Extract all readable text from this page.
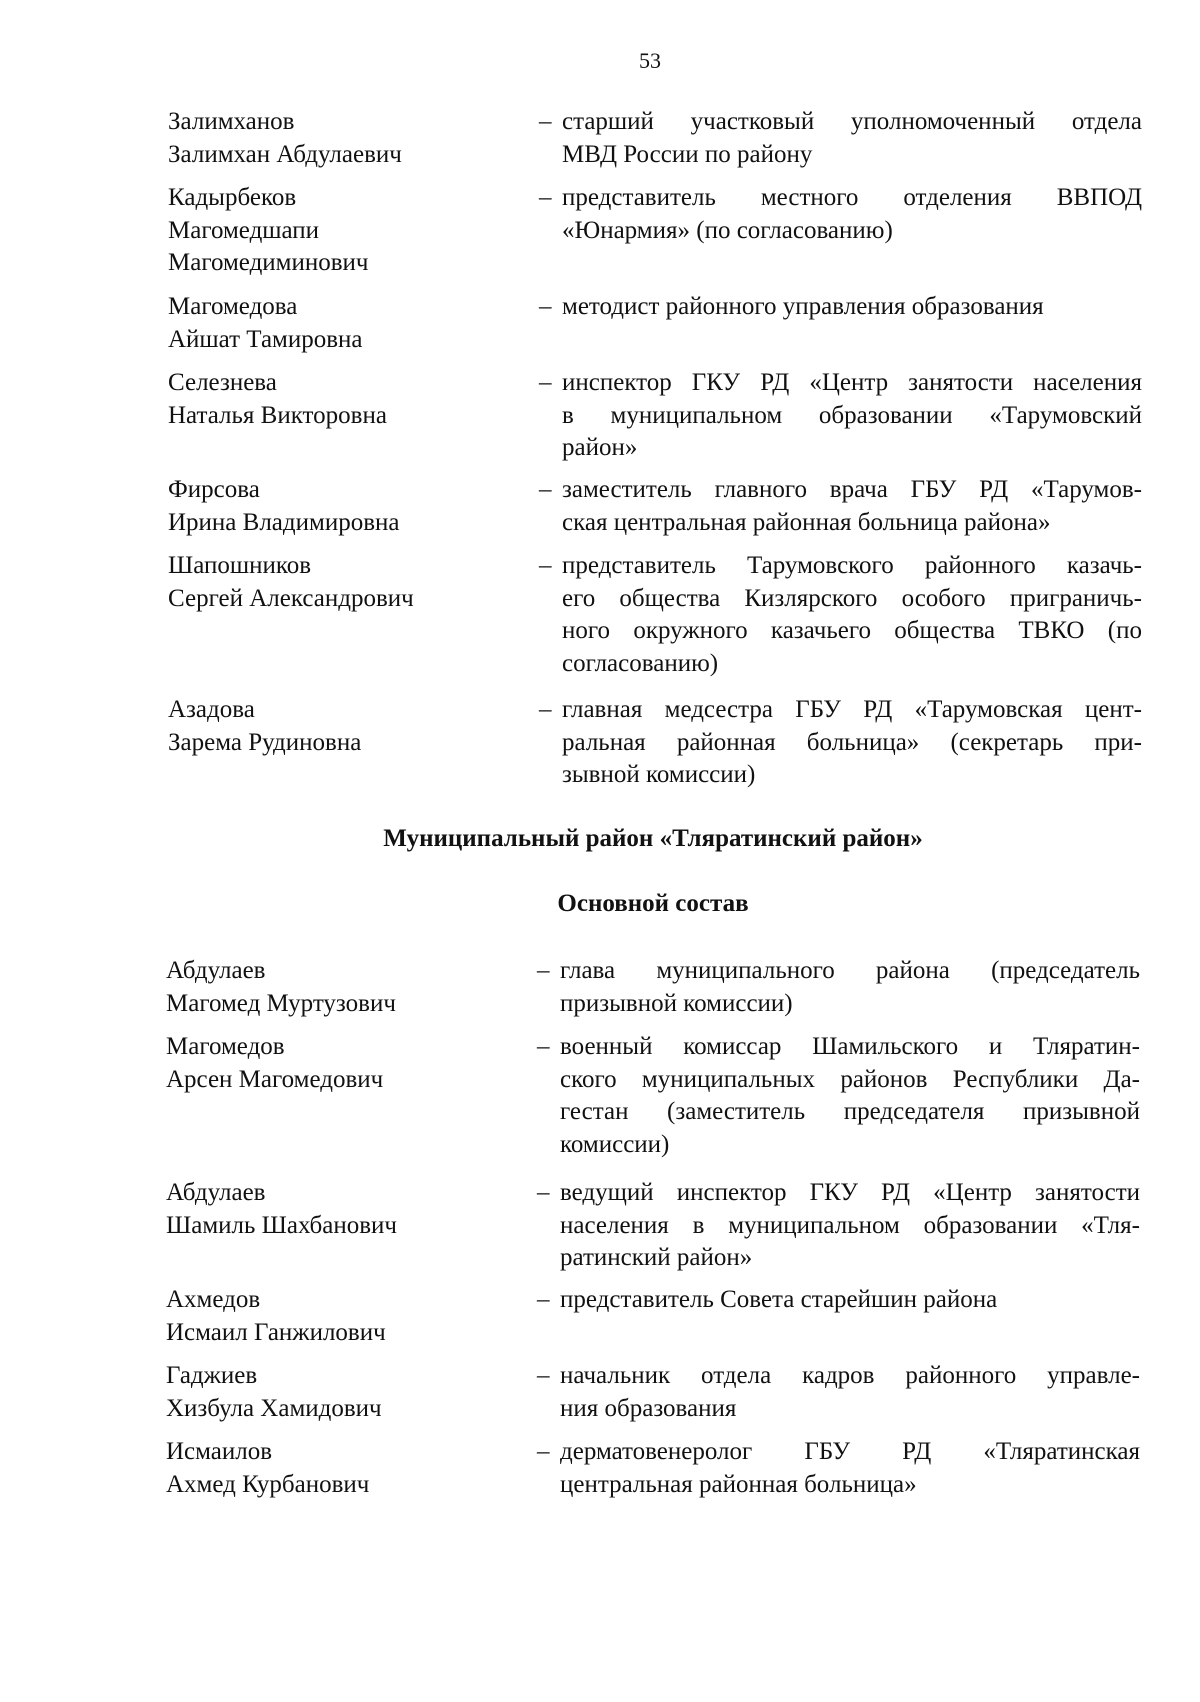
53
Залимханов
Залимхан Абдулаевич
– старший участковый уполномоченный отдела
МВД России по району
Кадырбеков
Магомедшапи
Магомедиминович
– представитель местного отделения ВВПОД
«Юнармия» (по согласованию)
Магомедова
Айшат Тамировна
– методист районного управления образования
Селезнева
Наталья Викторовна
– инспектор ГКУ РД «Центр занятости населения
в муниципальном образовании «Тарумовский
район»
Фирсова
Ирина Владимировна
– заместитель главного врача ГБУ РД «Тарумов-
ская центральная районная больница района»
Шапошников
Сергей Александрович
– представитель Тарумовского районного казачь-
его общества Кизлярского особого приграничь-
ного окружного казачьего общества ТВКО (по
согласованию)
Азадова
Зарема Рудиновна
– главная медсестра ГБУ РД «Тарумовская цент-
ральная районная больница» (секретарь при-
зывной комиссии)
Муниципальный район «Тляратинский район»
Основной состав
Абдулаев
Магомед Муртузович
– глава муниципального района (председатель
призывной комиссии)
Магомедов
Арсен Магомедович
– военный комиссар Шамильского и Тляратин-
ского муниципальных районов Республики Да-
гестан (заместитель председателя призывной
комиссии)
Абдулаев
Шамиль Шахбанович
– ведущий инспектор ГКУ РД «Центр занятости
населения в муниципальном образовании «Тля-
ратинский район»
Ахмедов
Исмаил Ганжилович
– представитель Совета старейшин района
Гаджиев
Хизбула Хамидович
– начальник отдела кадров районного управле-
ния образования
Исмаилов
Ахмед Курбанович
– дерматовенеролог ГБУ РД «Тляратинская
центральная районная больница»
